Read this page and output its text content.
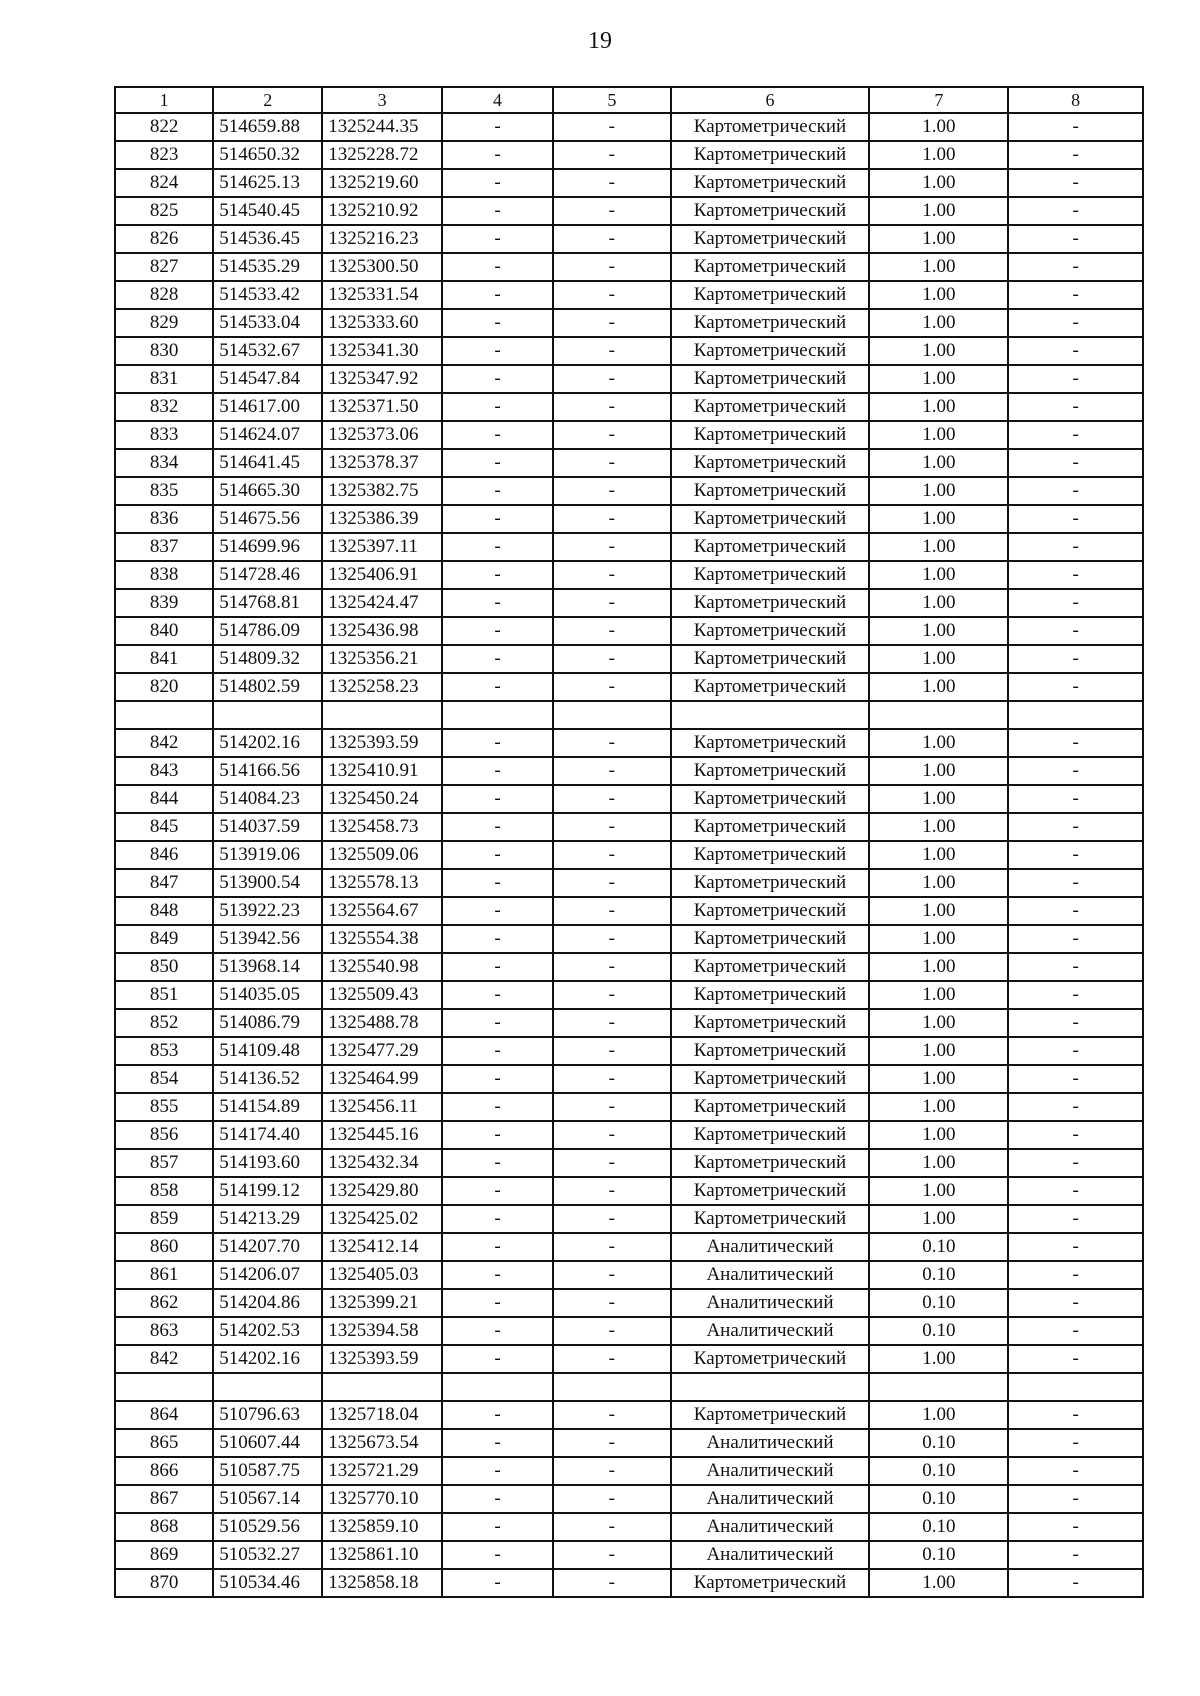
19
1	2	3	4	5	6	7	8
822	514659.88	1325244.35	-	-	Картометрический	1.00	-
823	514650.32	1325228.72	-	-	Картометрический	1.00	-
824	514625.13	1325219.60	-	-	Картометрический	1.00	-
825	514540.45	1325210.92	-	-	Картометрический	1.00	-
826	514536.45	1325216.23	-	-	Картометрический	1.00	-
827	514535.29	1325300.50	-	-	Картометрический	1.00	-
828	514533.42	1325331.54	-	-	Картометрический	1.00	-
829	514533.04	1325333.60	-	-	Картометрический	1.00	-
830	514532.67	1325341.30	-	-	Картометрический	1.00	-
831	514547.84	1325347.92	-	-	Картометрический	1.00	-
832	514617.00	1325371.50	-	-	Картометрический	1.00	-
833	514624.07	1325373.06	-	-	Картометрический	1.00	-
834	514641.45	1325378.37	-	-	Картометрический	1.00	-
835	514665.30	1325382.75	-	-	Картометрический	1.00	-
836	514675.56	1325386.39	-	-	Картометрический	1.00	-
837	514699.96	1325397.11	-	-	Картометрический	1.00	-
838	514728.46	1325406.91	-	-	Картометрический	1.00	-
839	514768.81	1325424.47	-	-	Картометрический	1.00	-
840	514786.09	1325436.98	-	-	Картометрический	1.00	-
841	514809.32	1325356.21	-	-	Картометрический	1.00	-
820	514802.59	1325258.23	-	-	Картометрический	1.00	-

842	514202.16	1325393.59	-	-	Картометрический	1.00	-
843	514166.56	1325410.91	-	-	Картометрический	1.00	-
844	514084.23	1325450.24	-	-	Картометрический	1.00	-
845	514037.59	1325458.73	-	-	Картометрический	1.00	-
846	513919.06	1325509.06	-	-	Картометрический	1.00	-
847	513900.54	1325578.13	-	-	Картометрический	1.00	-
848	513922.23	1325564.67	-	-	Картометрический	1.00	-
849	513942.56	1325554.38	-	-	Картометрический	1.00	-
850	513968.14	1325540.98	-	-	Картометрический	1.00	-
851	514035.05	1325509.43	-	-	Картометрический	1.00	-
852	514086.79	1325488.78	-	-	Картометрический	1.00	-
853	514109.48	1325477.29	-	-	Картометрический	1.00	-
854	514136.52	1325464.99	-	-	Картометрический	1.00	-
855	514154.89	1325456.11	-	-	Картометрический	1.00	-
856	514174.40	1325445.16	-	-	Картометрический	1.00	-
857	514193.60	1325432.34	-	-	Картометрический	1.00	-
858	514199.12	1325429.80	-	-	Картометрический	1.00	-
859	514213.29	1325425.02	-	-	Картометрический	1.00	-
860	514207.70	1325412.14	-	-	Аналитический	0.10	-
861	514206.07	1325405.03	-	-	Аналитический	0.10	-
862	514204.86	1325399.21	-	-	Аналитический	0.10	-
863	514202.53	1325394.58	-	-	Аналитический	0.10	-
842	514202.16	1325393.59	-	-	Картометрический	1.00	-

864	510796.63	1325718.04	-	-	Картометрический	1.00	-
865	510607.44	1325673.54	-	-	Аналитический	0.10	-
866	510587.75	1325721.29	-	-	Аналитический	0.10	-
867	510567.14	1325770.10	-	-	Аналитический	0.10	-
868	510529.56	1325859.10	-	-	Аналитический	0.10	-
869	510532.27	1325861.10	-	-	Аналитический	0.10	-
870	510534.46	1325858.18	-	-	Картометрический	1.00	-
